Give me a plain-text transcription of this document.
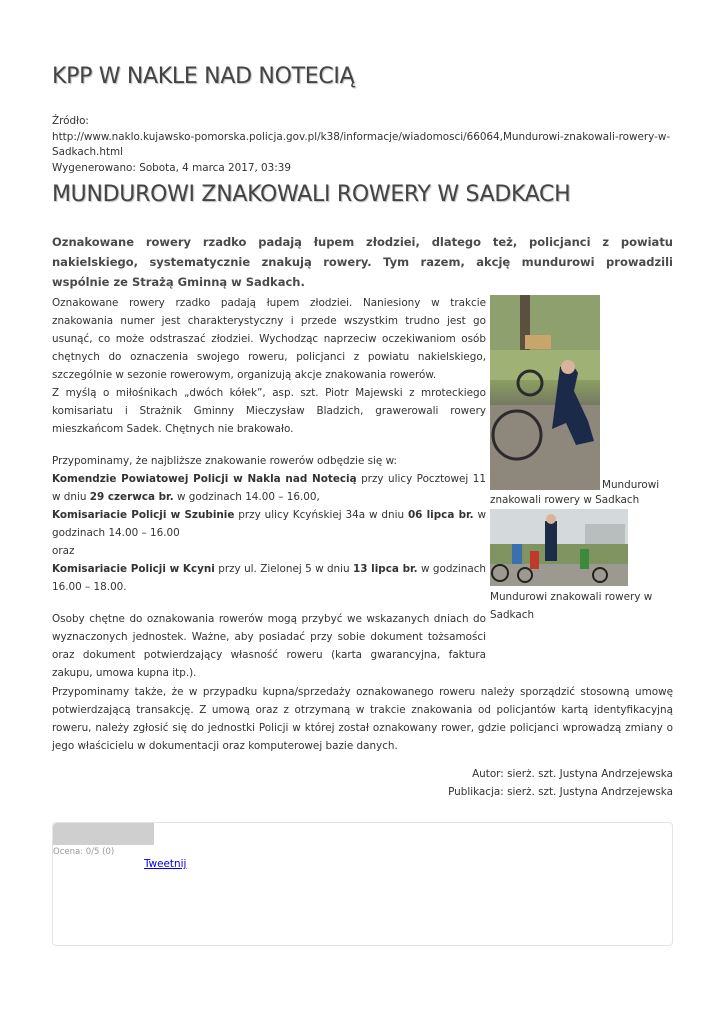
KPP W NAKLE NAD NOTECIĄ
Źródło:
http://www.naklo.kujawsko-pomorska.policja.gov.pl/k38/informacje/wiadomosci/66064,Mundurowi-znakowali-rowery-w-Sadkach.html
Wygenerowano: Sobota, 4 marca 2017, 03:39
MUNDUROWI ZNAKOWALI ROWERY W SADKACH

Oznakowane rowery rzadko padają łupem złodziei, dlatego też, policjanci z powiatu nakielskiego, systematycznie znakują rowery. Tym razem, akcję mundurowi prowadzili wspólnie ze Strażą Gminną w Sadkach.

Oznakowane rowery rzadko padają łupem złodziei. Naniesiony w trakcie znakowania numer jest charakterystyczny i przede wszystkim trudno jest go usunąć, co może odstraszać złodziei. Wychodząc naprzeciw oczekiwaniom osób chętnych do oznaczenia swojego roweru, policjanci z powiatu nakielskiego, szczególnie w sezonie rowerowym, organizują akcje znakowania rowerów.

Z myślą o miłośnikach „dwóch kółek”, asp. szt. Piotr Majewski z mroteckiego komisariatu i Strażnik Gminny Mieczysław Bladzich, grawerowali rowery mieszkańcom Sadek. Chętnych nie brakowało.

Przypominamy, że najbliższe znakowanie rowerów odbędzie się w:

Komendzie Powiatowej Policji w Nakla nad Notecią przy ulicy Pocztowej 11 w dniu 29 czerwca br. w godzinach 14.00 – 16.00,

Komisariacie Policji w Szubinie przy ulicy Kcyńskiej 34a w dniu 06 lipca br. w godzinach 14.00 – 16.00

oraz

Komisariacie Policji w Kcyni przy ul. Zielonej 5 w dniu 13 lipca br. w godzinach 16.00 – 18.00.

Osoby chętne do oznakowania rowerów mogą przybyć we wskazanych dniach do wyznaczonych jednostek. Ważne, aby posiadać przy sobie dokument tożsamości oraz dokument potwierdzający własność roweru (karta gwarancyjna, faktura zakupu, umowa kupna itp.).

Mundurowi
znakowali rowery w Sadkach
Mundurowi znakowali rowery w Sadkach

Przypominamy także, że w przypadku kupna/sprzedaży oznakowanego roweru należy sporządzić stosowną umowę potwierdzającą transakcję. Z umową oraz z otrzymaną w trakcie znakowania od policjantów kartą identyfikacyjną roweru, należy zgłosić się do jednostki Policji w której został oznakowany rower, gdzie policjanci wprowadzą zmiany o jego właścicielu w dokumentacji oraz komputerowej bazie danych.

Autor: sierż. szt. Justyna Andrzejewska

Publikacja: sierż. szt. Justyna Andrzejewska

Ocena: 0/5 (0)
Tweetnij
